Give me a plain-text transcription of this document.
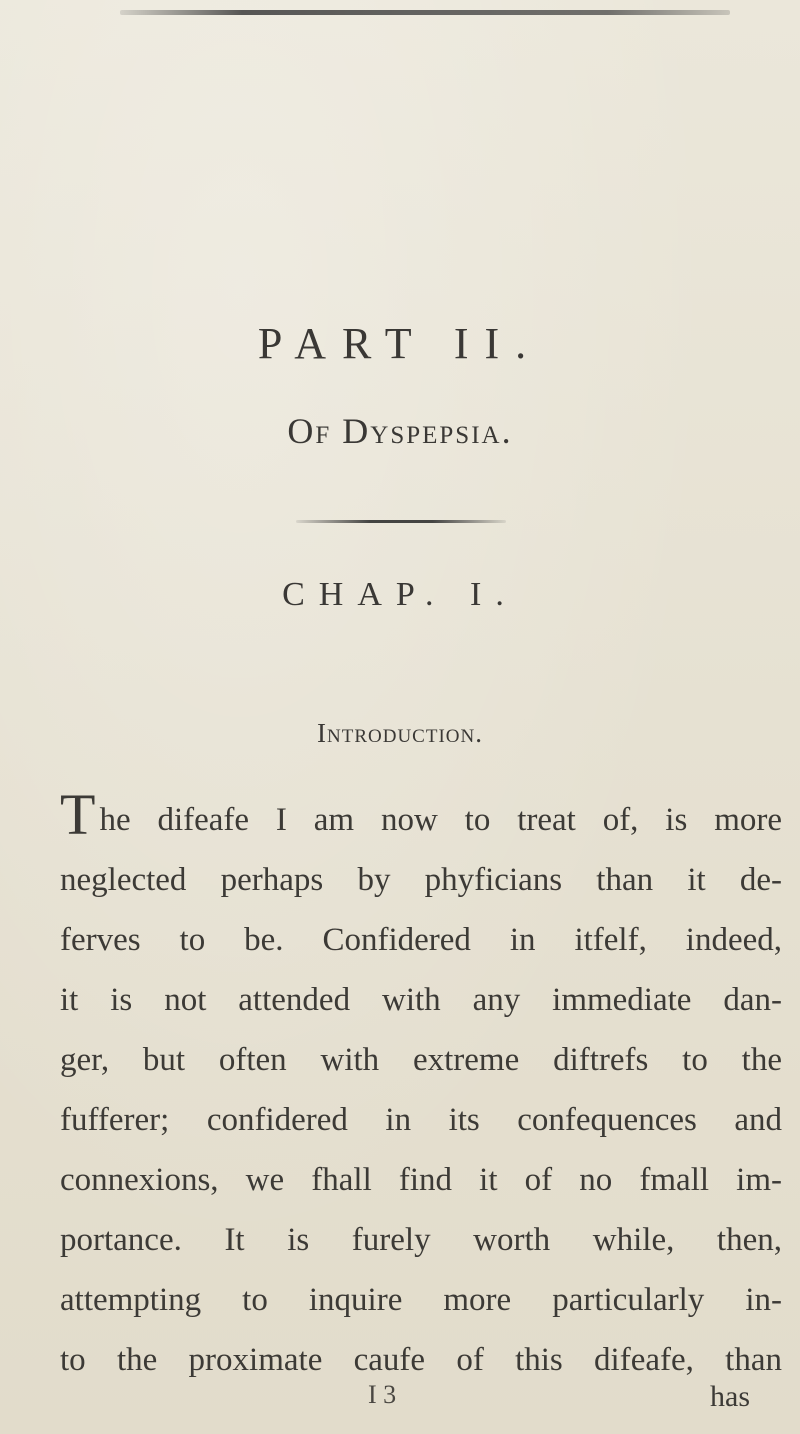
PART II.
Of Dyspepsia.
CHAP. I.
Introduction.
The difeafe I am now to treat of, is more
neglected perhaps by phyficians than it de-
ferves to be. Confidered in itfelf, indeed,
it is not attended with any immediate dan-
ger, but often with extreme diftrefs to the
fufferer; confidered in its confequences and
connexions, we fhall find it of no fmall im-
portance. It is furely worth while, then,
attempting to inquire more particularly in-
to the proximate caufe of this difeafe, than
I 3	has
